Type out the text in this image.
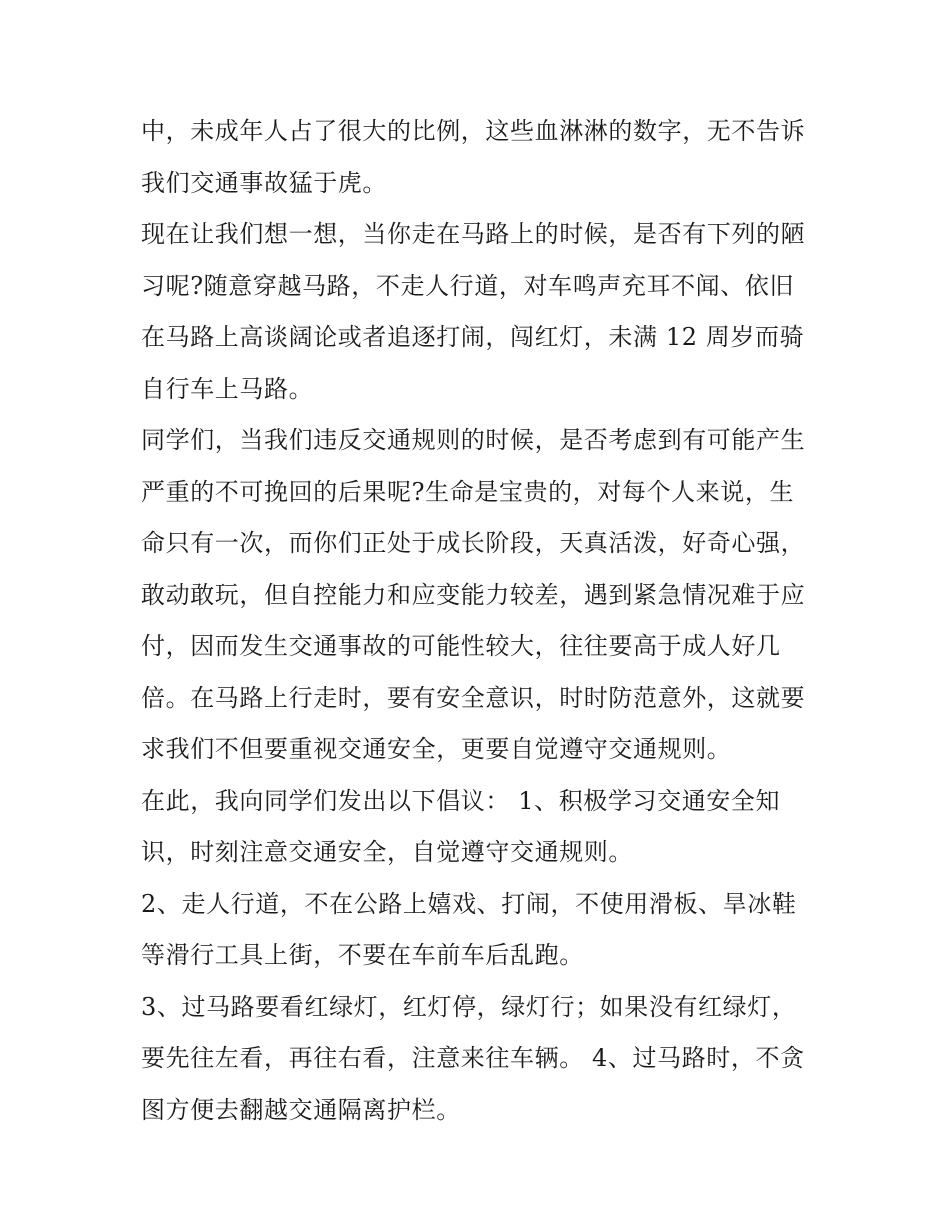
中，未成年人占了很大的比例，这些血淋淋的数字，无不告诉
我们交通事故猛于虎。
现在让我们想一想，当你走在马路上的时候，是否有下列的陋
习呢?随意穿越马路，不走人行道，对车鸣声充耳不闻、依旧
在马路上高谈阔论或者追逐打闹，闯红灯，未满 12 周岁而骑
自行车上马路。
同学们，当我们违反交通规则的时候，是否考虑到有可能产生
严重的不可挽回的后果呢?生命是宝贵的，对每个人来说，生
命只有一次，而你们正处于成长阶段，天真活泼，好奇心强，
敢动敢玩，但自控能力和应变能力较差，遇到紧急情况难于应
付，因而发生交通事故的可能性较大，往往要高于成人好几
倍。在马路上行走时，要有安全意识，时时防范意外，这就要
求我们不但要重视交通安全，更要自觉遵守交通规则。
在此，我向同学们发出以下倡议： 1、积极学习交通安全知
识，时刻注意交通安全，自觉遵守交通规则。
2、走人行道，不在公路上嬉戏、打闹，不使用滑板、旱冰鞋
等滑行工具上街，不要在车前车后乱跑。
3、过马路要看红绿灯，红灯停，绿灯行；如果没有红绿灯，
要先往左看，再往右看，注意来往车辆。 4、过马路时，不贪
图方便去翻越交通隔离护栏。
